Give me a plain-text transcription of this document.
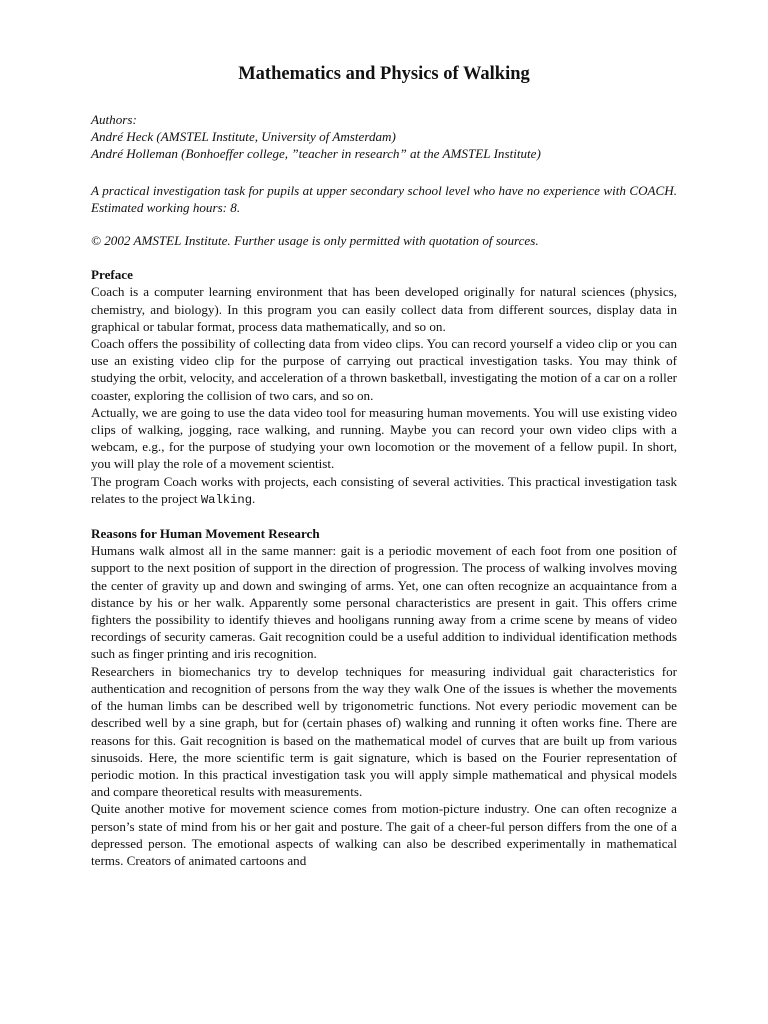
Mathematics and Physics of Walking

Authors:

André Heck (AMSTEL Institute, University of Amsterdam)

André Holleman (Bonhoeffer college, ”teacher in research” at the AMSTEL Institute)

A practical investigation task for pupils at upper secondary school level who have no experience with COACH. Estimated working hours: 8.

© 2002 AMSTEL Institute. Further usage is only permitted with quotation of sources.

Preface

Coach is a computer learning environment that has been developed originally for natural sciences (physics, chemistry, and biology). In this program you can easily collect data from different sources, display data in graphical or tabular format, process data mathematically, and so on.

Coach offers the possibility of collecting data from video clips. You can record yourself a video clip or you can use an existing video clip for the purpose of carrying out practical investigation tasks. You may think of studying the orbit, velocity, and acceleration of a thrown basketball, investigating the motion of a car on a roller coaster, exploring the collision of two cars, and so on.

Actually, we are going to use the data video tool for measuring human movements. You will use existing video clips of walking, jogging, race walking, and running. Maybe you can record your own video clips with a webcam, e.g., for the purpose of studying your own locomotion or the movement of a fellow pupil. In short, you will play the role of a movement scientist.

The program Coach works with projects, each consisting of several activities. This practical investigation task relates to the project Walking.

Reasons for Human Movement Research

Humans walk almost all in the same manner: gait is a periodic movement of each foot from one position of support to the next position of support in the direction of progression. The process of walking involves moving the center of gravity up and down and swinging of arms. Yet, one can often recognize an acquaintance from a distance by his or her walk. Apparently some personal characteristics are present in gait. This offers crime fighters the possibility to identify thieves and hooligans running away from a crime scene by means of video recordings of security cameras. Gait recognition could be a useful addition to individual identification methods such as finger printing and iris recognition.

Researchers in biomechanics try to develop techniques for measuring individual gait characteristics for authentication and recognition of persons from the way they walk One of the issues is whether the movements of the human limbs can be described well by trigonometric functions. Not every periodic movement can be described well by a sine graph, but for (certain phases of) walking and running it often works fine. There are reasons for this. Gait recognition is based on the mathematical model of curves that are built up from various sinusoids. Here, the more scientific term is gait signature, which is based on the Fourier representation of periodic motion. In this practical investigation task you will apply simple mathematical and physical models and compare theoretical results with measurements.

Quite another motive for movement science comes from motion-picture industry. One can often recognize a person’s state of mind from his or her gait and posture. The gait of a cheer-ful person differs from the one of a depressed person. The emotional aspects of walking can also be described experimentally in mathematical terms. Creators of animated cartoons and
